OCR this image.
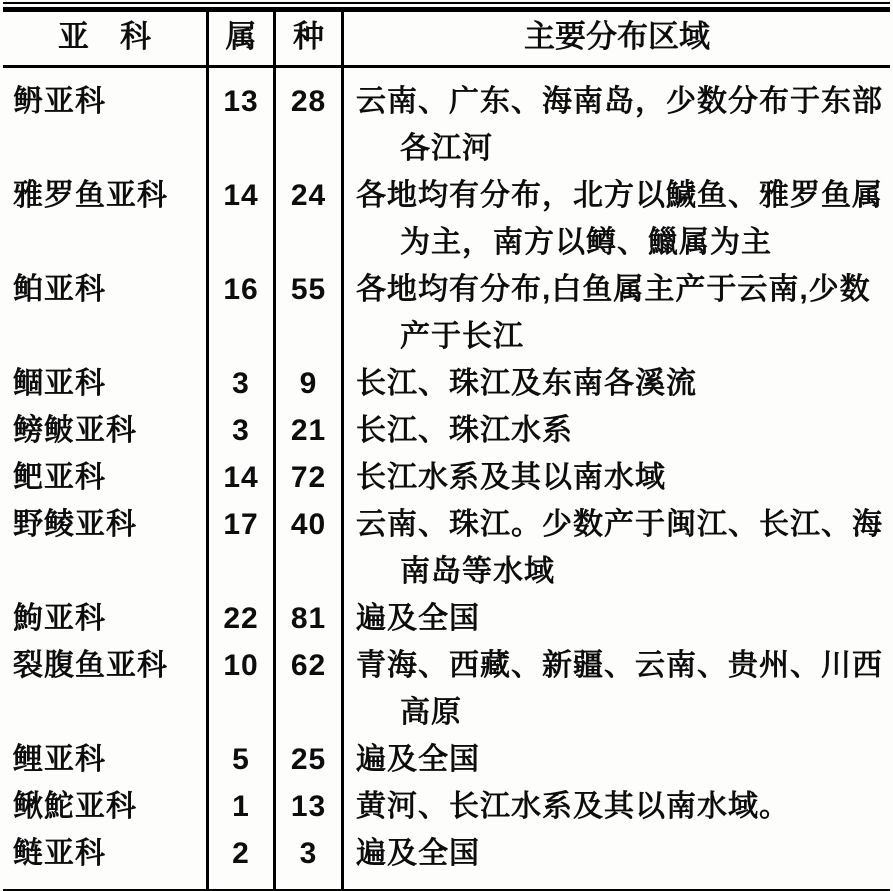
亚　科	属	种	主要分布区域
鿕亚科	13	28 云南、广东、海南岛，少数分布于东部各江河
雅罗鱼亚科	14	24 各地均有分布，北方以鱥鱼、雅罗鱼属为主，南方以鳟、鱲属为主
鲌亚科	16	55 各地均有分布,白鱼属主产于云南,少数产于长江
鲴亚科	3	9	长江、珠江及东南各溪流
鳑鲏亚科	3	21 长江、珠江水系
鲃亚科	14	72 长江水系及其以南水域
野鲮亚科	17	40 云南、珠江。少数产于闽江、长江、海南岛等水域
鮈亚科	22	81 遍及全国
裂腹鱼亚科	10	62 青海、西藏、新疆、云南、贵州、川西高原
鲤亚科	5	25 遍及全国
鳅鮀亚科	1	13 黄河、长江水系及其以南水域。
鲢亚科	2	3	遍及全国
